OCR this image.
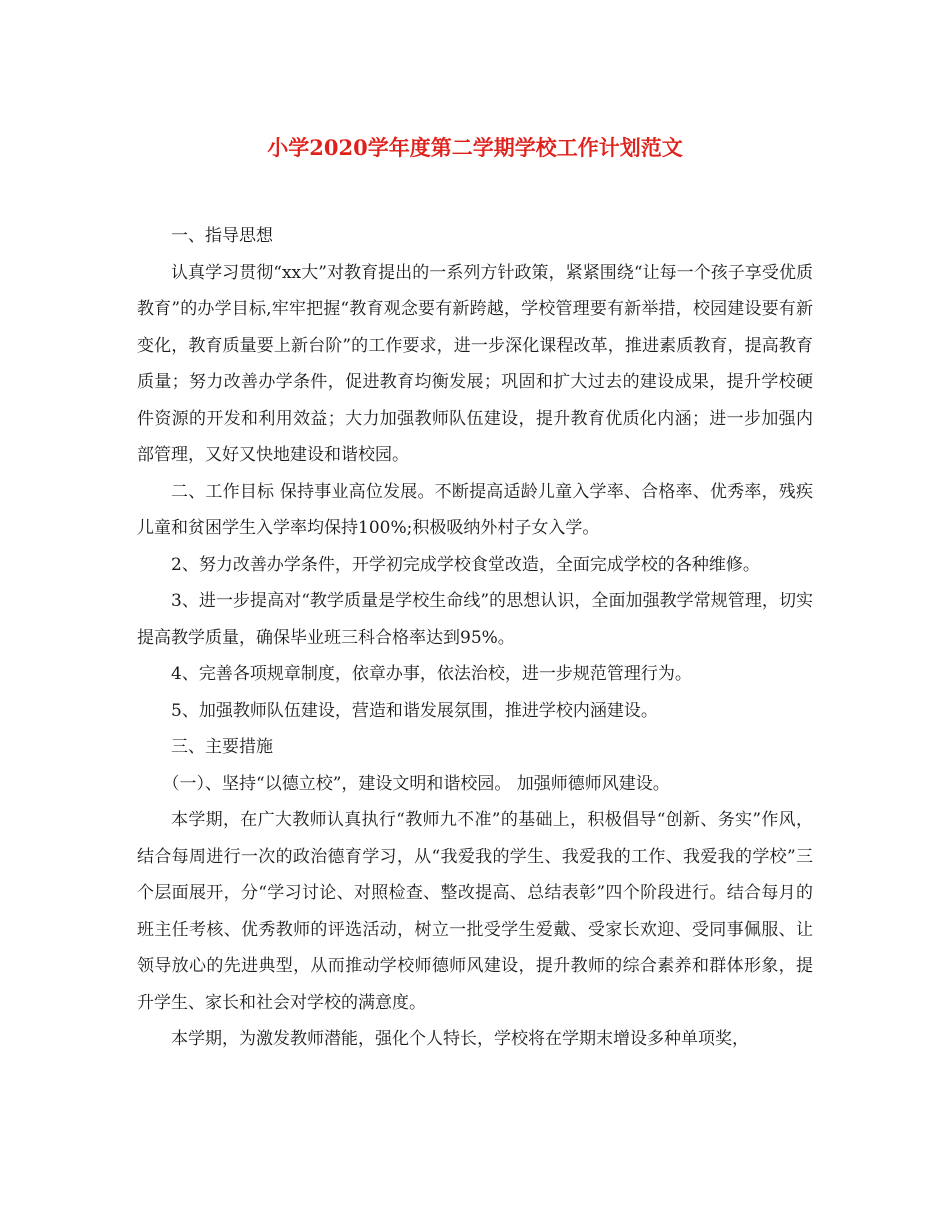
小学2020学年度第二学期学校工作计划范文

一、指导思想

认真学习贯彻“xx大”对教育提出的一系列方针政策，紧紧围绕“让每一个孩子享受优质教育”的办学目标,牢牢把握“教育观念要有新跨越，学校管理要有新举措，校园建设要有新变化，教育质量要上新台阶”的工作要求，进一步深化课程改革，推进素质教育，提高教育质量；努力改善办学条件，促进教育均衡发展；巩固和扩大过去的建设成果，提升学校硬件资源的开发和利用效益；大力加强教师队伍建设，提升教育优质化内涵；进一步加强内部管理，又好又快地建设和谐校园。

二、工作目标 保持事业高位发展。不断提高适龄儿童入学率、合格率、优秀率，残疾儿童和贫困学生入学率均保持100%;积极吸纳外村子女入学。

2、努力改善办学条件，开学初完成学校食堂改造，全面完成学校的各种维修。

3、进一步提高对“教学质量是学校生命线”的思想认识，全面加强教学常规管理，切实提高教学质量，确保毕业班三科合格率达到95%。

4、完善各项规章制度，依章办事，依法治校，进一步规范管理行为。

5、加强教师队伍建设，营造和谐发展氛围，推进学校内涵建设。

三、主要措施

（一）、坚持“以德立校”，建设文明和谐校园。 加强师德师风建设。

本学期，在广大教师认真执行“教师九不准”的基础上，积极倡导“创新、务实”作风，结合每周进行一次的政治德育学习，从“我爱我的学生、我爱我的工作、我爱我的学校”三个层面展开，分“学习讨论、对照检查、整改提高、总结表彰”四个阶段进行。结合每月的班主任考核、优秀教师的评选活动，树立一批受学生爱戴、受家长欢迎、受同事佩服、让领导放心的先进典型，从而推动学校师德师风建设，提升教师的综合素养和群体形象，提升学生、家长和社会对学校的满意度。

本学期，为激发教师潜能，强化个人特长，学校将在学期末增设多种单项奖，
